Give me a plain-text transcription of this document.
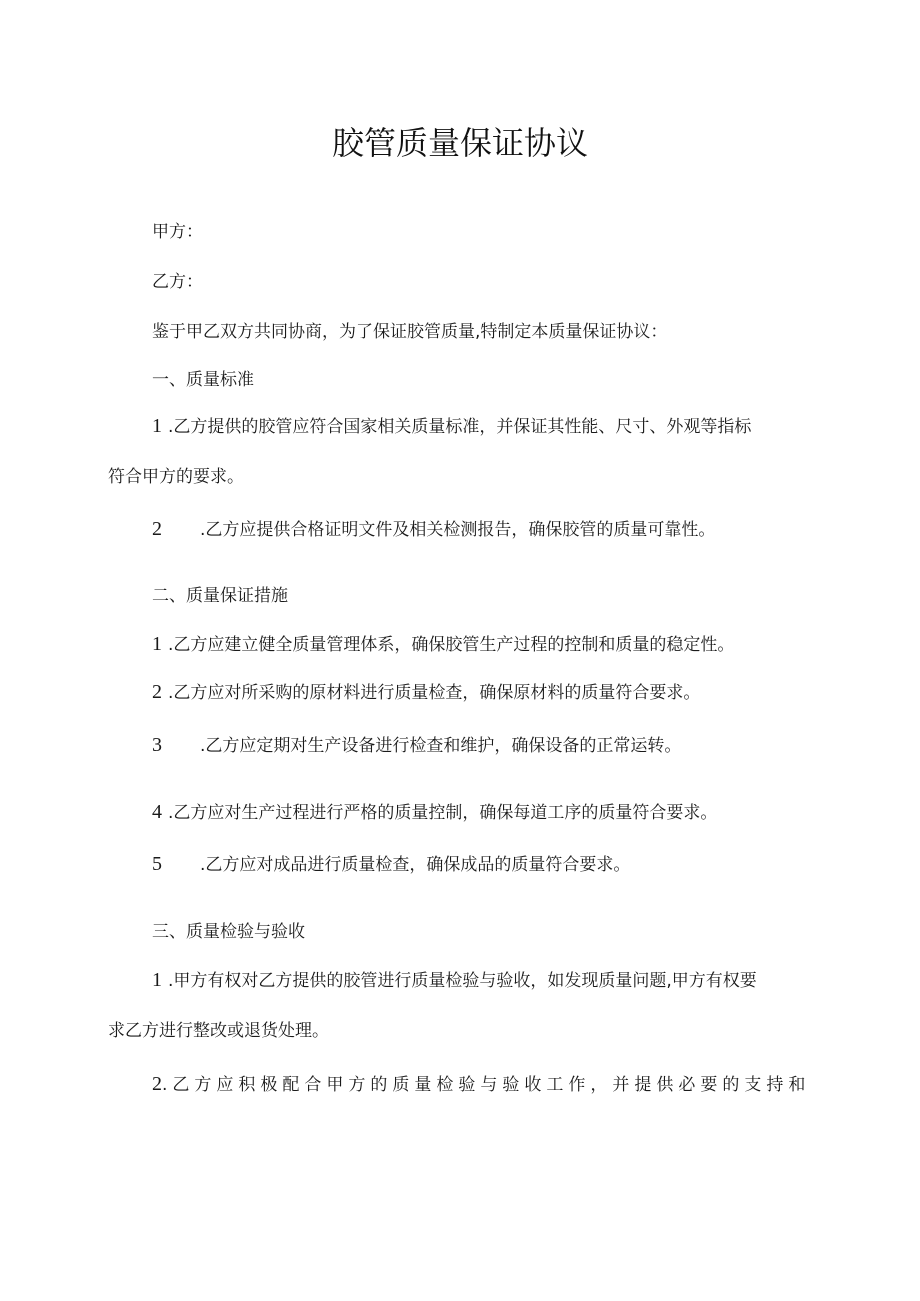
胶管质量保证协议
甲方：
乙方：
鉴于甲乙双方共同协商，为了保证胶管质量,特制定本质量保证协议：
一、质量标准
1 .乙方提供的胶管应符合国家相关质量标准，并保证其性能、尺寸、外观等指标
符合甲方的要求。
2 .乙方应提供合格证明文件及相关检测报告，确保胶管的质量可靠性。
二、质量保证措施
1 .乙方应建立健全质量管理体系，确保胶管生产过程的控制和质量的稳定性。
2 .乙方应对所采购的原材料进行质量检查，确保原材料的质量符合要求。
3 .乙方应定期对生产设备进行检查和维护，确保设备的正常运转。
4 .乙方应对生产过程进行严格的质量控制，确保每道工序的质量符合要求。
5 .乙方应对成品进行质量检查，确保成品的质量符合要求。
三、质量检验与验收
1 .甲方有权对乙方提供的胶管进行质量检验与验收，如发现质量问题,甲方有权要
求乙方进行整改或退货处理。
2.乙方应积极配合甲方的质量检验与验收工作，并提供必要的支持和
